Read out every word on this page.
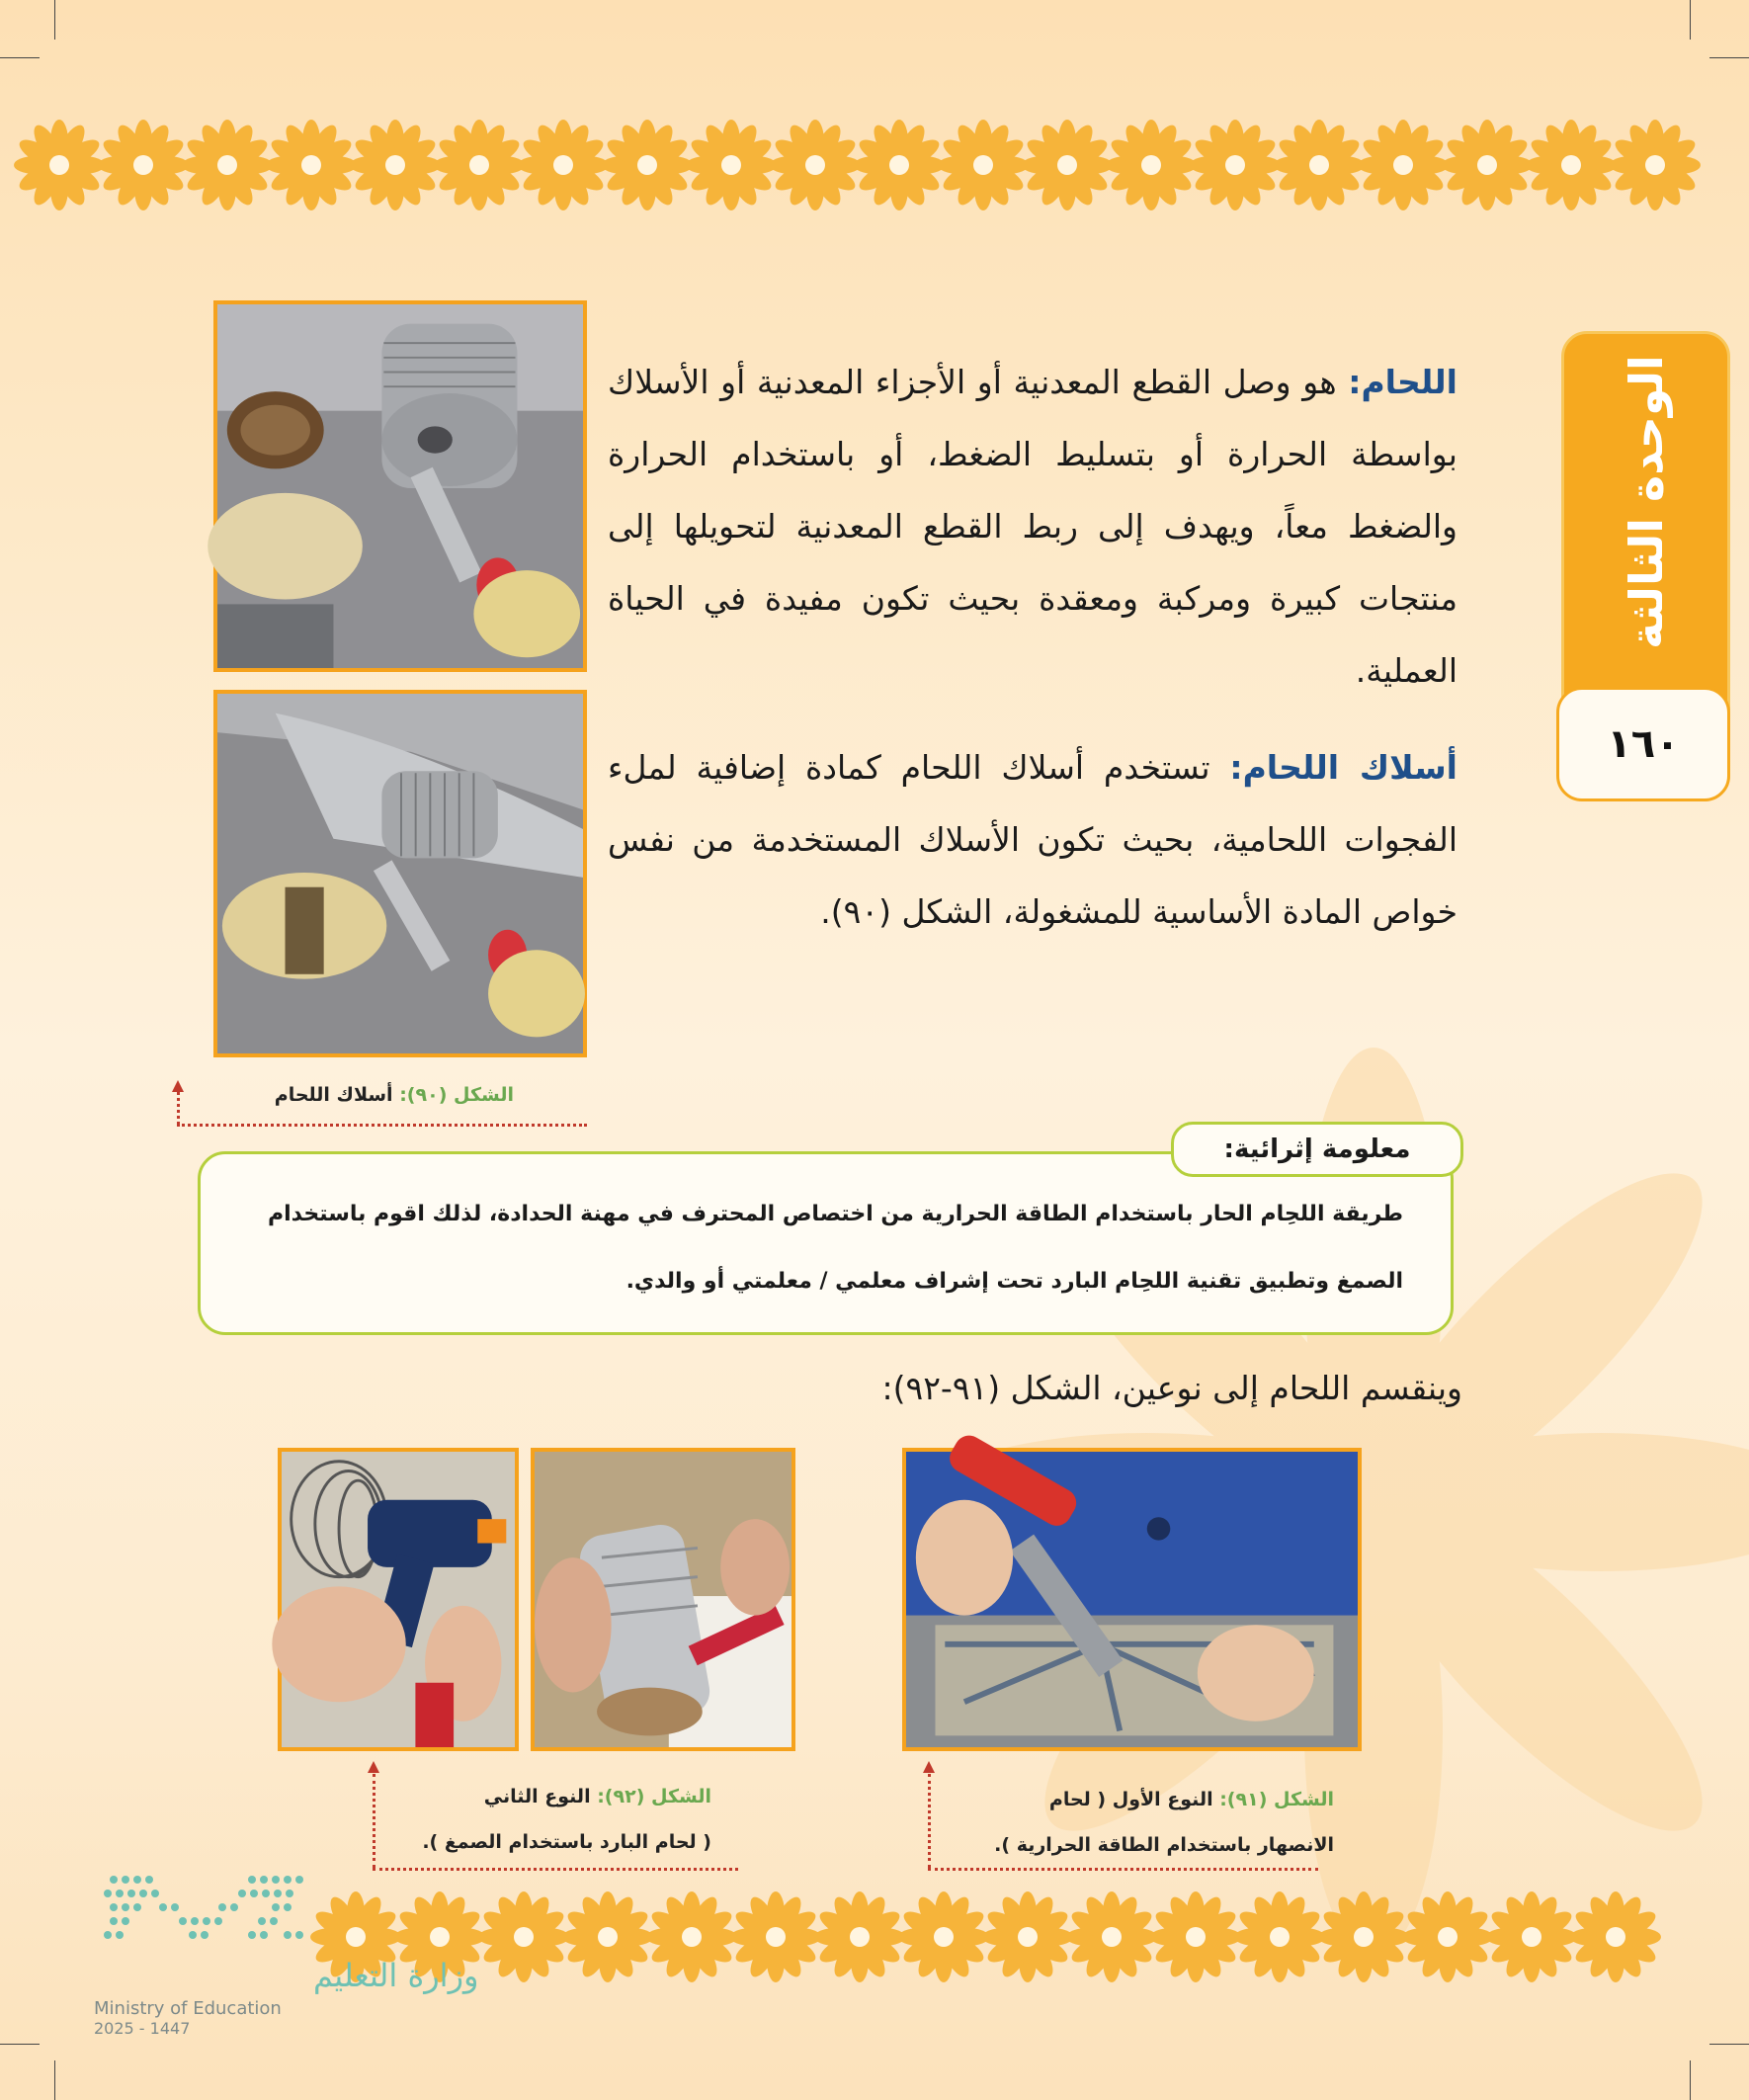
الوحدة الثالثة
١٦٠
الشكل (٩٠): أسلاك اللحام
اللحام: هو وصل القطع المعدنية أو الأجزاء المعدنية أو الأسلاك بواسطة الحرارة أو بتسليط الضغط، أو باستخدام الحرارة والضغط معاً، ويهدف إلى ربط القطع المعدنية لتحويلها إلى منتجات كبيرة ومركبة ومعقدة بحيث تكون مفيدة في الحياة العملية.
أسلاك اللحام: تستخدم أسلاك اللحام كمادة إضافية لملء الفجوات اللحامية، بحيث تكون الأسلاك المستخدمة من نفس خواص المادة الأساسية للمشغولة، الشكل (٩٠).
معلومة إثرائية:
طريقة اللحِام الحار باستخدام الطاقة الحرارية من اختصاص المحترف في مهنة الحدادة، لذلك اقوم باستخدام
الصمغ وتطبيق تقنية اللحِام البارد تحت إشراف معلمي / معلمتي أو والدي.
وينقسم اللحام إلى نوعين، الشكل (٩١-٩٢):
الشكل (٩٢): النوع الثاني
( لحام البارد باستخدام الصمغ ).
الشكل (٩١): النوع الأول ( لحام
الانصهار باستخدام الطاقة الحرارية ).
وزارة التعليم
Ministry of Education
2025 - 1447
